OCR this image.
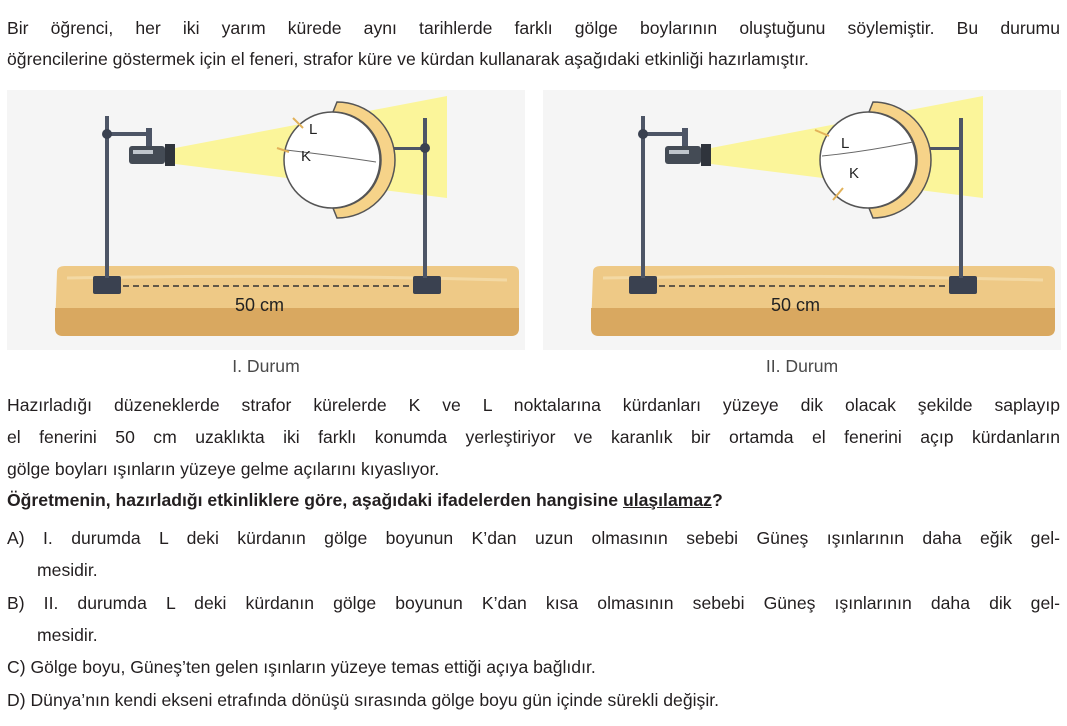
Bir öğrenci, her iki yarım kürede aynı tarihlerde farklı gölge boylarının oluştuğunu söylemiştir. Bu durumu

öğrencilerine göstermek için el feneri, strafor küre ve kürdan kullanarak aşağıdaki etkinliği hazırlamıştır.

L
K
50 cm
I. Durum
L
K
50 cm
II. Durum

Hazırladığı düzeneklerde strafor kürelerde K ve L noktalarına kürdanları yüzeye dik olacak şekilde saplayıp

el fenerini 50 cm uzaklıkta iki farklı konumda yerleştiriyor ve karanlık bir ortamda el fenerini açıp kürdanların

gölge boyları ışınların yüzeye gelme açılarını kıyaslıyor.

Öğretmenin, hazırladığı etkinliklere göre, aşağıdaki ifadelerden hangisine ulaşılamaz?

A) I. durumda L deki kürdanın gölge boyunun K’dan uzun olmasının sebebi Güneş ışınlarının daha eğik gel-
mesidir.
B) II. durumda L deki kürdanın gölge boyunun K’dan kısa olmasının sebebi Güneş ışınlarının daha dik gel-
mesidir.
C) Gölge boyu, Güneş’ten gelen ışınların yüzeye temas ettiği açıya bağlıdır.
D) Dünya’nın kendi ekseni etrafında dönüşü sırasında gölge boyu gün içinde sürekli değişir.
